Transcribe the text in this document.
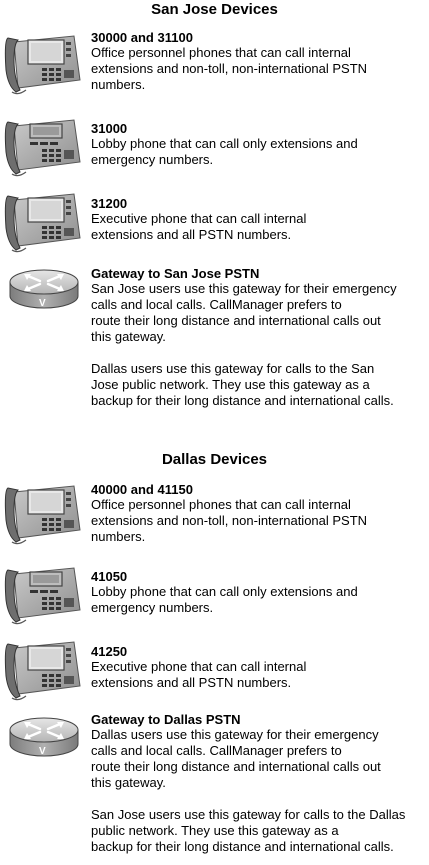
San Jose Devices
30000 and 31100
Office personnel phones that can call internal
extensions and non-toll, non-international PSTN
numbers.
31000
Lobby phone that can call only extensions and
emergency numbers.
31200
Executive phone that can call internal
extensions and all PSTN numbers.
Gateway to San Jose PSTN
San Jose users use this gateway for their emergency
calls and local calls. CallManager prefers to
route their long distance and international calls out
this gateway.
Dallas users use this gateway for calls to the San
Jose public network. They use this gateway as a
backup for their long distance and international calls.
Dallas Devices
40000 and 41150
Office personnel phones that can call internal
extensions and non-toll, non-international PSTN
numbers.
41050
Lobby phone that can call only extensions and
emergency numbers.
41250
Executive phone that can call internal
extensions and all PSTN numbers.
Gateway to Dallas PSTN
Dallas users use this gateway for their emergency
calls and local calls. CallManager prefers to
route their long distance and international calls out
this gateway.
San Jose users use this gateway for calls to the Dallas
public network. They use this gateway as a
backup for their long distance and international calls.
